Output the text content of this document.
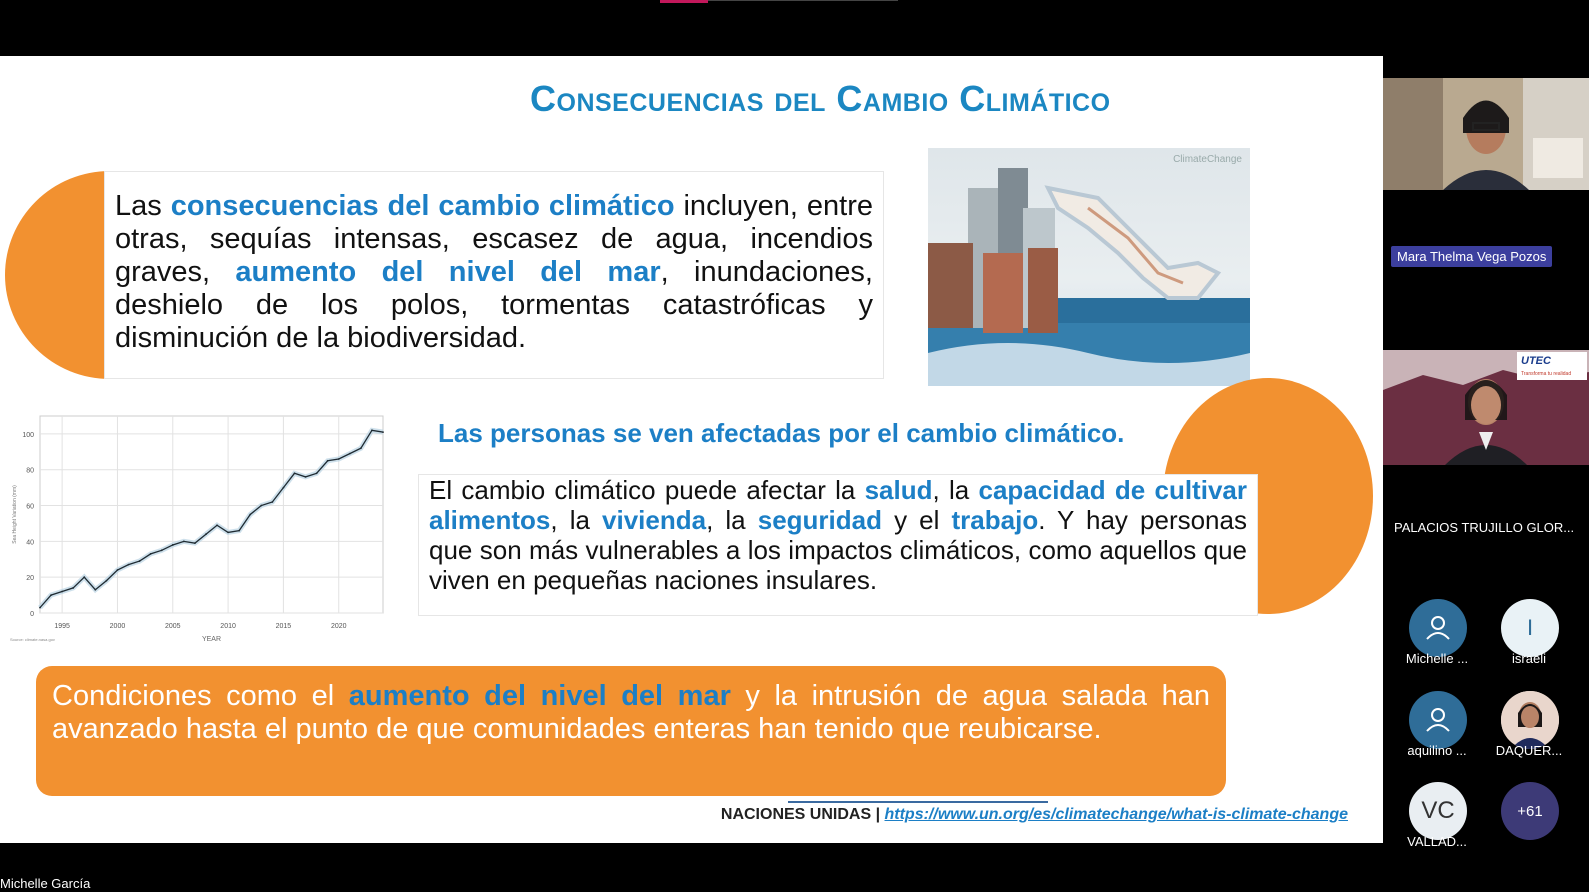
Consecuencias del Cambio Climático

Las consecuencias del cambio climático incluyen, entre otras, sequías intensas, escasez de agua, incendios graves, aumento del nivel del mar, inundaciones, deshielo de los polos, tormentas catastróficas y disminución de la biodiversidad.

ClimateChange
Las personas se ven afectadas por el cambio climático.

El cambio climático puede afectar la salud, la capacidad de cultivar alimentos, la vivienda, la seguridad y el trabajo. Y hay personas que son más vulnerables a los impactos climáticos, como aquellos que viven en pequeñas naciones insulares.

0
20
40
60
80
100
1995	2000	2005	2010	2015	2020
YEAR
Sea Height Variation (mm)
Source: climate.nasa.gov

Condiciones como el aumento del nivel del mar y la intrusión de agua salada han avanzado hasta el punto de que comunidades enteras han tenido que reubicarse.

NACIONES UNIDAS | https://www.un.org/es/climatechange/what-is-climate-change
Mara Thelma Vega Pozos
UTEC
Transforma tu realidad
PALACIOS TRUJILLO GLOR...
Michelle ...
I
israeli
aquilino ...	DAQUER...
VC
VALLAD...
+61
Michelle García
